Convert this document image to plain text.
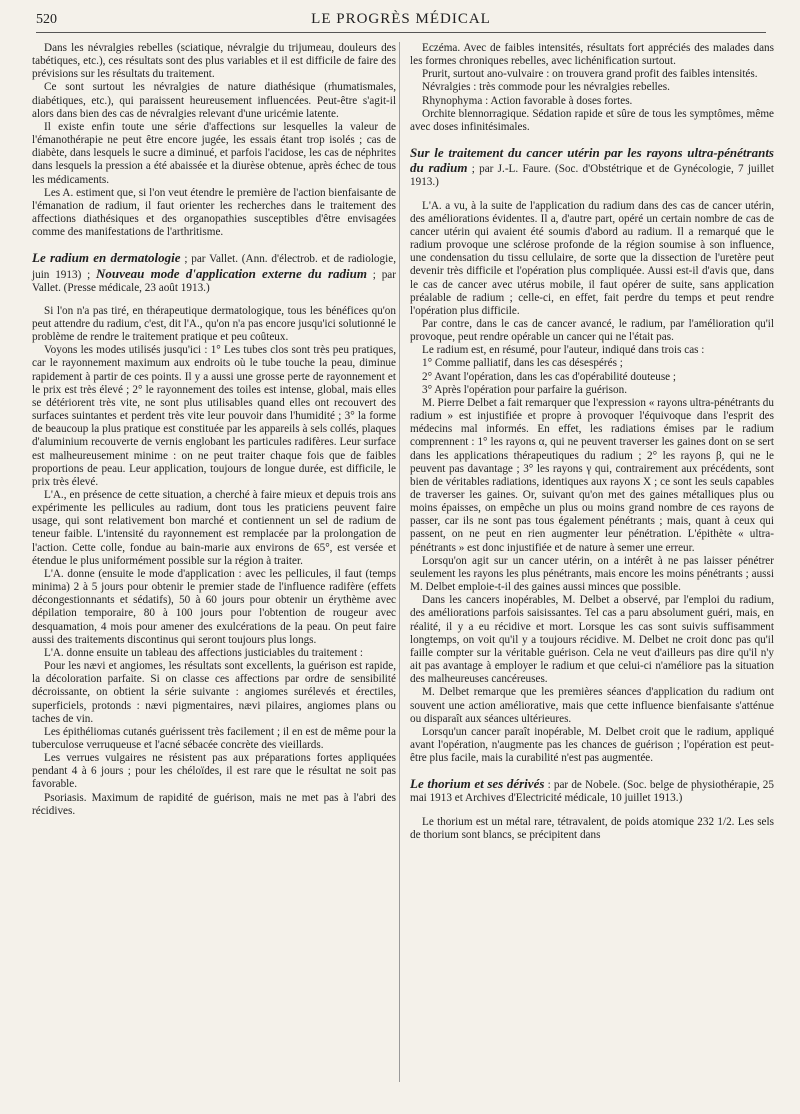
520	LE PROGRÈS MÉDICAL

Dans les névralgies rebelles (sciatique, névralgie du trijumeau, douleurs des tabétiques, etc.), ces résultats sont des plus variables et il est difficile de faire des prévisions sur les résultats du traitement.

Ce sont surtout les névralgies de nature diathésique (rhumatismales, diabétiques, etc.), qui paraissent heureusement influencées. Peut-être s'agit-il alors dans bien des cas de névralgies relevant d'une uricémie latente.

Il existe enfin toute une série d'affections sur lesquelles la valeur de l'émanothérapie ne peut être encore jugée, les essais étant trop isolés ; cas de diabète, dans lesquels le sucre a diminué, et parfois l'acidose, les cas de néphrites dans lesquels la pression a été abaissée et la diurèse obtenue, après échec de tous les médicaments.

Les A. estiment que, si l'on veut étendre le première de l'action bienfaisante de l'émanation de radium, il faut orienter les recherches dans le traitement des affections diathésiques et des organopathies susceptibles d'être envisagées comme des manifestations de l'arthritisme.

Le radium en dermatologie ; par Vallet. (Ann. d'électrob. et de radiologie, juin 1913) ; Nouveau mode d'application externe du radium ; par Vallet. (Presse médicale, 23 août 1913.)

Si l'on n'a pas tiré, en thérapeutique dermatologique, tous les bénéfices qu'on peut attendre du radium, c'est, dit l'A., qu'on n'a pas encore jusqu'ici solutionné le problème de rendre le traitement pratique et peu coûteux.

Voyons les modes utilisés jusqu'ici : 1° Les tubes clos sont très peu pratiques, car le rayonnement maximum aux endroits où le tube touche la peau, diminue rapidement à partir de ces points. Il y a aussi une grosse perte de rayonnement et le prix est très élevé ; 2° le rayonnement des toiles est intense, global, mais elles se détériorent très vite, ne sont plus utilisables quand elles ont recouvert des surfaces suintantes et perdent très vite leur pouvoir dans l'humidité ; 3° la forme de beaucoup la plus pratique est constituée par les appareils à sels collés, plaques d'aluminium recouverte de vernis englobant les particules radifères. Leur surface est malheureusement minime : on ne peut traiter chaque fois que de faibles proportions de peau. Leur application, toujours de longue durée, est difficile, le prix très élevé.

L'A., en présence de cette situation, a cherché à faire mieux et depuis trois ans expérimente les pellicules au radium, dont tous les praticiens peuvent faire usage, qui sont relativement bon marché et contiennent un sel de radium de teneur faible. L'intensité du rayonnement est remplacée par la prolongation de l'action. Cette colle, fondue au bain-marie aux environs de 65°, est versée et étendue le plus uniformément possible sur la région à traiter.

L'A. donne (ensuite le mode d'application : avec les pellicules, il faut (temps minima) 2 à 5 jours pour obtenir le premier stade de l'influence radifère (effets décongestionnants et sédatifs), 50 à 60 jours pour obtenir un érythème avec dépilation temporaire, 80 à 100 jours pour l'obtention de rougeur avec desquamation, 4 mois pour amener des exulcérations de la peau. On peut faire aussi des traitements discontinus qui seront toujours plus longs.

L'A. donne ensuite un tableau des affections justiciables du traitement :

Pour les nævi et angiomes, les résultats sont excellents, la guérison est rapide, la décoloration parfaite. Si on classe ces affections par ordre de sensibilité décroissante, on obtient la série suivante : angiomes surélevés et érectiles, superficiels, protonds : nævi pigmentaires, nævi pilaires, angiomes plans ou taches de vin.

Les épithéliomas cutanés guérissent très facilement ; il en est de même pour la tuberculose verruqueuse et l'acné sébacée concrète des vieillards.

Les verrues vulgaires ne résistent pas aux préparations fortes appliquées pendant 4 à 6 jours ; pour les chéloïdes, il est rare que le résultat ne soit pas favorable.

Psoriasis. Maximum de rapidité de guérison, mais ne met pas à l'abri des récidives.

Eczéma. Avec de faibles intensités, résultats fort appréciés des malades dans les formes chroniques rebelles, avec lichénification surtout.

Prurit, surtout ano-vulvaire : on trouvera grand profit des faibles intensités.

Névralgies : très commode pour les névralgies rebelles.

Rhynophyma : Action favorable à doses fortes.

Orchite blennorragique. Sédation rapide et sûre de tous les symptômes, même avec doses infinitésimales.

Sur le traitement du cancer utérin par les rayons ultra-pénétrants du radium ; par J.-L. Faure. (Soc. d'Obstétrique et de Gynécologie, 7 juillet 1913.)

L'A. a vu, à la suite de l'application du radium dans des cas de cancer utérin, des améliorations évidentes. Il a, d'autre part, opéré un certain nombre de cas de cancer utérin qui avaient été soumis d'abord au radium. Il a remarqué que le radium provoque une sclérose profonde de la région soumise à son influence, une condensation du tissu cellulaire, de sorte que la dissection de l'uretère peut devenir très difficile et l'opération plus compliquée. Aussi est-il d'avis que, dans le cas de cancer avec utérus mobile, il faut opérer de suite, sans application préalable de radium ; celle-ci, en effet, fait perdre du temps et peut rendre l'opération plus difficile.

Par contre, dans le cas de cancer avancé, le radium, par l'amélioration qu'il provoque, peut rendre opérable un cancer qui ne l'était pas.

Le radium est, en résumé, pour l'auteur, indiqué dans trois cas :

1° Comme palliatif, dans les cas désespérés ;

2° Avant l'opération, dans les cas d'opérabilité douteuse ;

3° Après l'opération pour parfaire la guérison.

M. Pierre Delbet a fait remarquer que l'expression « rayons ultra-pénétrants du radium » est injustifiée et propre à provoquer l'équivoque dans l'esprit des médecins mal informés. En effet, les radiations émises par le radium comprennent : 1° les rayons α, qui ne peuvent traverser les gaines dont on se sert dans les applications thérapeutiques du radium ; 2° les rayons β, qui ne le peuvent pas davantage ; 3° les rayons γ qui, contrairement aux précédents, sont bien de véritables radiations, identiques aux rayons X ; ce sont les seuls capables de traverser les gaines. Or, suivant qu'on met des gaines métalliques plus ou moins épaisses, on empêche un plus ou moins grand nombre de ces rayons de passer, car ils ne sont pas tous également pénétrants ; mais, quant à ceux qui passent, on ne peut en rien augmenter leur pénétration. L'épithète « ultra-pénétrants » est donc injustifiée et de nature à semer une erreur.

Lorsqu'on agit sur un cancer utérin, on a intérêt à ne pas laisser pénétrer seulement les rayons les plus pénétrants, mais encore les moins pénétrants ; aussi M. Delbet emploie-t-il des gaines aussi minces que possible.

Dans les cancers inopérables, M. Delbet a observé, par l'emploi du radium, des améliorations parfois saisissantes. Tel cas a paru absolument guéri, mais, en réalité, il y a eu récidive et mort. Lorsque les cas sont suivis suffisamment longtemps, on voit qu'il y a toujours récidive. M. Delbet ne croit donc pas qu'il faille compter sur la véritable guérison. Cela ne veut d'ailleurs pas dire qu'il n'y ait pas avantage à employer le radium et que celui-ci n'améliore pas la situation des malheureuses cancéreuses.

M. Delbet remarque que les premières séances d'application du radium ont souvent une action améliorative, mais que cette influence bienfaisante s'atténue ou disparaît aux séances ultérieures.

Lorsqu'un cancer paraît inopérable, M. Delbet croit que le radium, appliqué avant l'opération, n'augmente pas les chances de guérison ; l'opération est peut-être plus facile, mais la curabilité n'est pas augmentée.

Le thorium et ses dérivés : par de Nobele. (Soc. belge de physiothérapie, 25 mai 1913 et Archives d'Electricité médicale, 10 juillet 1913.)

Le thorium est un métal rare, tétravalent, de poids atomique 232 1/2. Les sels de thorium sont blancs, se précipitent dans
